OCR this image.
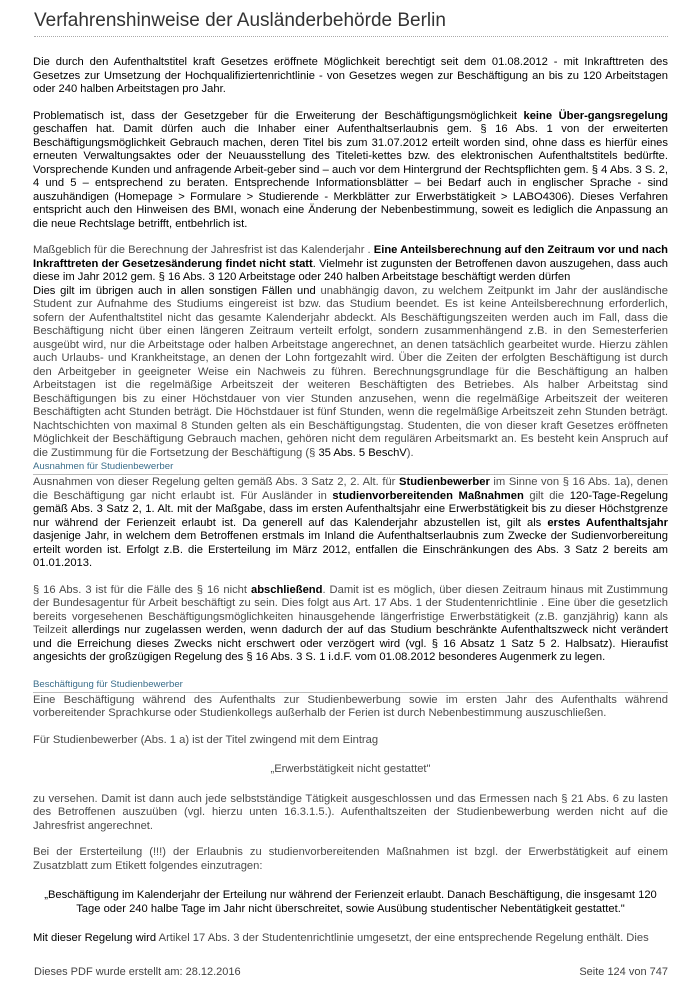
Verfahrenshinweise der Ausländerbehörde Berlin

Die durch den Aufenthaltstitel kraft Gesetzes eröffnete Möglichkeit berechtigt seit dem 01.08.2012 - mit Inkrafttreten des Gesetzes zur Umsetzung der Hochqualifiziertenrichtlinie - von Gesetzes wegen zur Beschäftigung an bis zu 120 Arbeitstagen oder 240 halben Arbeitstagen pro Jahr.

Problematisch ist, dass der Gesetzgeber für die Erweiterung der Beschäftigungsmöglichkeit keine Über-gangsregelung geschaffen hat. Damit dürfen auch die Inhaber einer Aufenthaltserlaubnis gem. § 16 Abs. 1 von der erweiterten Beschäftigungsmöglichkeit Gebrauch machen, deren Titel bis zum 31.07.2012 erteilt worden sind, ohne dass es hierfür eines erneuten Verwaltungsaktes oder der Neuausstellung des Titeleti-kettes bzw. des elektronischen Aufenthaltstitels bedürfte. Vorsprechende Kunden und anfragende Arbeit-geber sind – auch vor dem Hintergrund der Rechtspflichten gem. § 4 Abs. 3 S. 2, 4 und 5 – entsprechend zu beraten. Entsprechende Informationsblätter – bei Bedarf auch in englischer Sprache - sind auszuhändigen (Homepage > Formulare > Studierende - Merkblätter zur Erwerbstätigkeit > LABO4306). Dieses Verfahren entspricht auch den Hinweisen des BMI, wonach eine Änderung der Nebenbestimmung, soweit es lediglich die Anpassung an die neue Rechtslage betrifft, entbehrlich ist.

Maßgeblich für die Berechnung der Jahresfrist ist das Kalenderjahr . Eine Anteilsberechnung auf den Zeitraum vor und nach Inkrafttreten der Gesetzesänderung findet nicht statt. Vielmehr ist zugunsten der Betroffenen davon auszugehen, dass auch diese im Jahr 2012 gem. § 16 Abs. 3 120 Arbeitstage oder 240 halben Arbeitstage beschäftigt werden dürfen
Dies gilt im übrigen auch in allen sonstigen Fällen und unabhängig davon, zu welchem Zeitpunkt im Jahr der ausländische Student zur Aufnahme des Studiums eingereist ist bzw. das Studium beendet. Es ist keine Anteilsberechnung erforderlich, sofern der Aufenthaltstitel nicht das gesamte Kalenderjahr abdeckt. Als Beschäftigungszeiten werden auch im Fall, dass die Beschäftigung nicht über einen längeren Zeitraum verteilt erfolgt, sondern zusammenhängend z.B. in den Semesterferien ausgeübt wird, nur die Arbeitstage oder halben Arbeitstage angerechnet, an denen tatsächlich gearbeitet wurde. Hierzu zählen auch Urlaubs- und Krankheitstage, an denen der Lohn fortgezahlt wird. Über die Zeiten der erfolgten Beschäftigung ist durch den Arbeitgeber in geeigneter Weise ein Nachweis zu führen. Berechnungsgrundlage für die Beschäftigung an halben Arbeitstagen ist die regelmäßige Arbeitszeit der weiteren Beschäftigten des Betriebes. Als halber Arbeitstag sind Beschäftigungen bis zu einer Höchstdauer von vier Stunden anzusehen, wenn die regelmäßige Arbeitszeit der weiteren Beschäftigten acht Stunden beträgt. Die Höchstdauer ist fünf Stunden, wenn die regelmäßige Arbeitszeit zehn Stunden beträgt. Nachtschichten von maximal 8 Stunden gelten als ein Beschäftigungstag. Studenten, die von dieser kraft Gesetzes eröffneten Möglichkeit der Beschäftigung Gebrauch machen, gehören nicht dem regulären Arbeitsmarkt an. Es besteht kein Anspruch auf die Zustimmung für die Fortsetzung der Beschäftigung (§ 35 Abs. 5 BeschV).

Ausnahmen für Studienbewerber

Ausnahmen von dieser Regelung gelten gemäß Abs. 3 Satz 2, 2. Alt. für Studienbewerber im Sinne von § 16 Abs. 1a), denen die Beschäftigung gar nicht erlaubt ist. Für Ausländer in studienvorbereitenden Maßnahmen gilt die 120-Tage-Regelung gemäß Abs. 3 Satz 2, 1. Alt. mit der Maßgabe, dass im ersten Aufenthaltsjahr eine Erwerbstätigkeit bis zu dieser Höchstgrenze nur während der Ferienzeit erlaubt ist. Da generell auf das Kalenderjahr abzustellen ist, gilt als erstes Aufenthaltsjahr dasjenige Jahr, in welchem dem Betroffenen erstmals im Inland die Aufenthaltserlaubnis zum Zwecke der Sudienvorbereitung erteilt worden ist. Erfolgt z.B. die Ersterteilung im März 2012, entfallen die Einschränkungen des Abs. 3 Satz 2 bereits am 01.01.2013.

§ 16 Abs. 3 ist für die Fälle des § 16 nicht abschließend. Damit ist es möglich, über diesen Zeitraum hinaus mit Zustimmung der Bundesagentur für Arbeit beschäftigt zu sein. Dies folgt aus Art. 17 Abs. 1 der Studentenrichtlinie . Eine über die gesetzlich bereits vorgesehenen Beschäftigungsmöglichkeiten hinausgehende längerfristige Erwerbstätigkeit (z.B. ganzjährig) kann als Teilzeit allerdings nur zugelassen werden, wenn dadurch der auf das Studium beschränkte Aufenthaltszweck nicht verändert und die Erreichung dieses Zwecks nicht erschwert oder verzögert wird (vgl. § 16 Absatz 1 Satz 5 2. Halbsatz). Hieraufist angesichts der großzügigen Regelung des § 16 Abs. 3 S. 1 i.d.F. vom 01.08.2012 besonderes Augenmerk zu legen.

Beschäftigung für Studienbewerber

Eine Beschäftigung während des Aufenthalts zur Studienbewerbung sowie im ersten Jahr des Aufenthalts während vorbereitender Sprachkurse oder Studienkollegs außerhalb der Ferien ist durch Nebenbestimmung auszuschließen.

Für Studienbewerber (Abs. 1 a) ist der Titel zwingend mit dem Eintrag

„Erwerbstätigkeit nicht gestattet"

zu versehen. Damit ist dann auch jede selbstständige Tätigkeit ausgeschlossen und das Ermessen nach § 21 Abs. 6 zu lasten des Betroffenen auszuüben (vgl. hierzu unten 16.3.1.5.). Aufenthaltszeiten der Studienbewerbung werden nicht auf die Jahresfrist angerechnet.

Bei der Ersterteilung (!!!) der Erlaubnis zu studienvorbereitenden Maßnahmen ist bzgl. der Erwerbstätigkeit auf einem Zusatzblatt zum Etikett folgendes einzutragen:

„Beschäftigung im Kalenderjahr der Erteilung nur während der Ferienzeit erlaubt. Danach Beschäftigung, die insgesamt 120 Tage oder 240 halbe Tage im Jahr nicht überschreitet, sowie Ausübung studentischer Nebentätigkeit gestattet."

Mit dieser Regelung wird Artikel 17 Abs. 3 der Studentenrichtlinie umgesetzt, der eine entsprechende Regelung enthält. Dies

Dieses PDF wurde erstellt am: 28.12.2016	Seite 124 von 747
